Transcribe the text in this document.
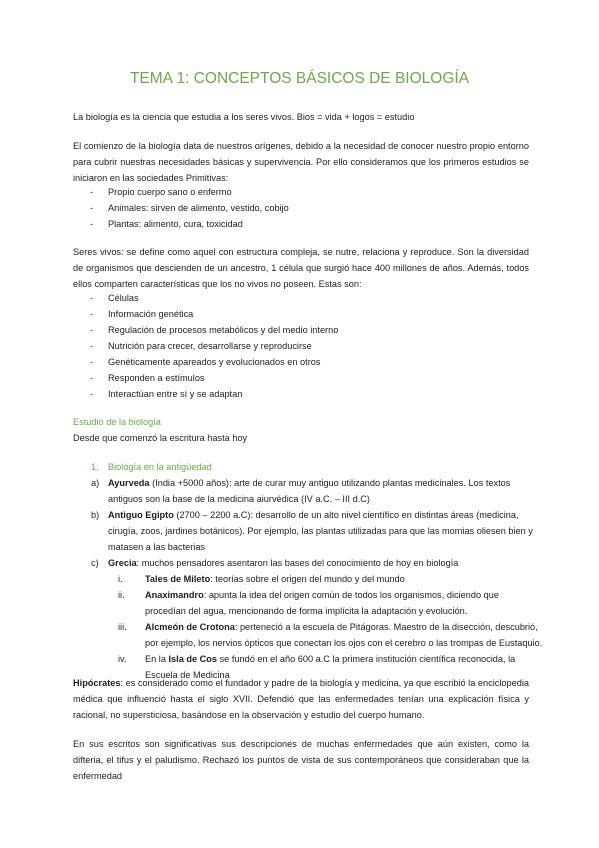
TEMA 1: CONCEPTOS BÁSICOS DE BIOLOGÍA

La biología es la ciencia que estudia a los seres vivos. Bios = vida + logos = estudio

El comienzo de la biología data de nuestros orígenes, debido a la necesidad de conocer nuestro propio entorno para cubrir nuestras necesidades básicas y supervivencia. Por ello consideramos que los primeros estudios se iniciaron en las sociedades Primitivas:

- Propio cuerpo sano o enfermo
- Animales: sirven de alimento, vestido, cobijo
- Plantas: alimento, cura, toxicidad

Seres vivos: se define como aquel con estructura compleja, se nutre, relaciona y reproduce. Son la diversidad de organismos que descienden de un ancestro, 1 célula que surgió hace 400 millones de años. Además, todos ellos comparten características que los no vivos no poseen. Estas son:

- Células
- Información genética
- Regulación de procesos metabólicos y del medio interno
- Nutrición para crecer, desarrollarse y reproducirse
- Genéticamente apareados y evolucionados en otros
- Responden a estímulos
- Interactúan entre sí y se adaptan
Estudio de la biología
Desde que comenzó la escritura hasta hoy
1. Biología en la antigüedad
a) Ayurveda (India +5000 años): arte de curar muy antiguo utilizando plantas medicinales. Los textos
antiguos son la base de la medicina aiurvédica (IV a.C. – III d.C)
b) Antiguo Egipto (2700 – 2200 a.C): desarrollo de un alto nivel científico en distintas áreas (medicina,
cirugía, zoos, jardines botánicos). Por ejemplo, las plantas utilizadas para que las momias oliesen bien y
matasen a las bacterias
c) Grecia: muchos pensadores asentaron las bases del conocimiento de hoy en biología
i. Tales de Mileto: teorías sobre el origen del mundo y del mundo
ii. Anaximandro: apunta la idea del origen común de todos los organismos, diciendo que
procedían del agua, mencionando de forma implícita la adaptación y evolución.
iii. Alcmeón de Crotona: perteneció a la escuela de Pitágoras. Maestro de la disección, descubrió,
por ejemplo, los nervios ópticos que conectan los ojos con el cerebro o las trompas de Eustaquio.
iv. En la Isla de Cos se fundó en el año 600 a.C la primera institución científica reconocida, la
Escuela de Medicina

Hipócrates: es considerado como el fundador y padre de la biología y medicina, ya que escribió la enciclopedia médica que influenció hasta el siglo XVII. Defendió que las enfermedades tenían una explicación física y racional, no supersticiosa, basándose en la observación y estudio del cuerpo humano.

En sus escritos son significativas sus descripciones de muchas enfermedades que aún existen, como la difteria, el tifus y el paludismo. Rechazó los puntos de vista de sus contemporáneos que consideraban que la enfermedad
